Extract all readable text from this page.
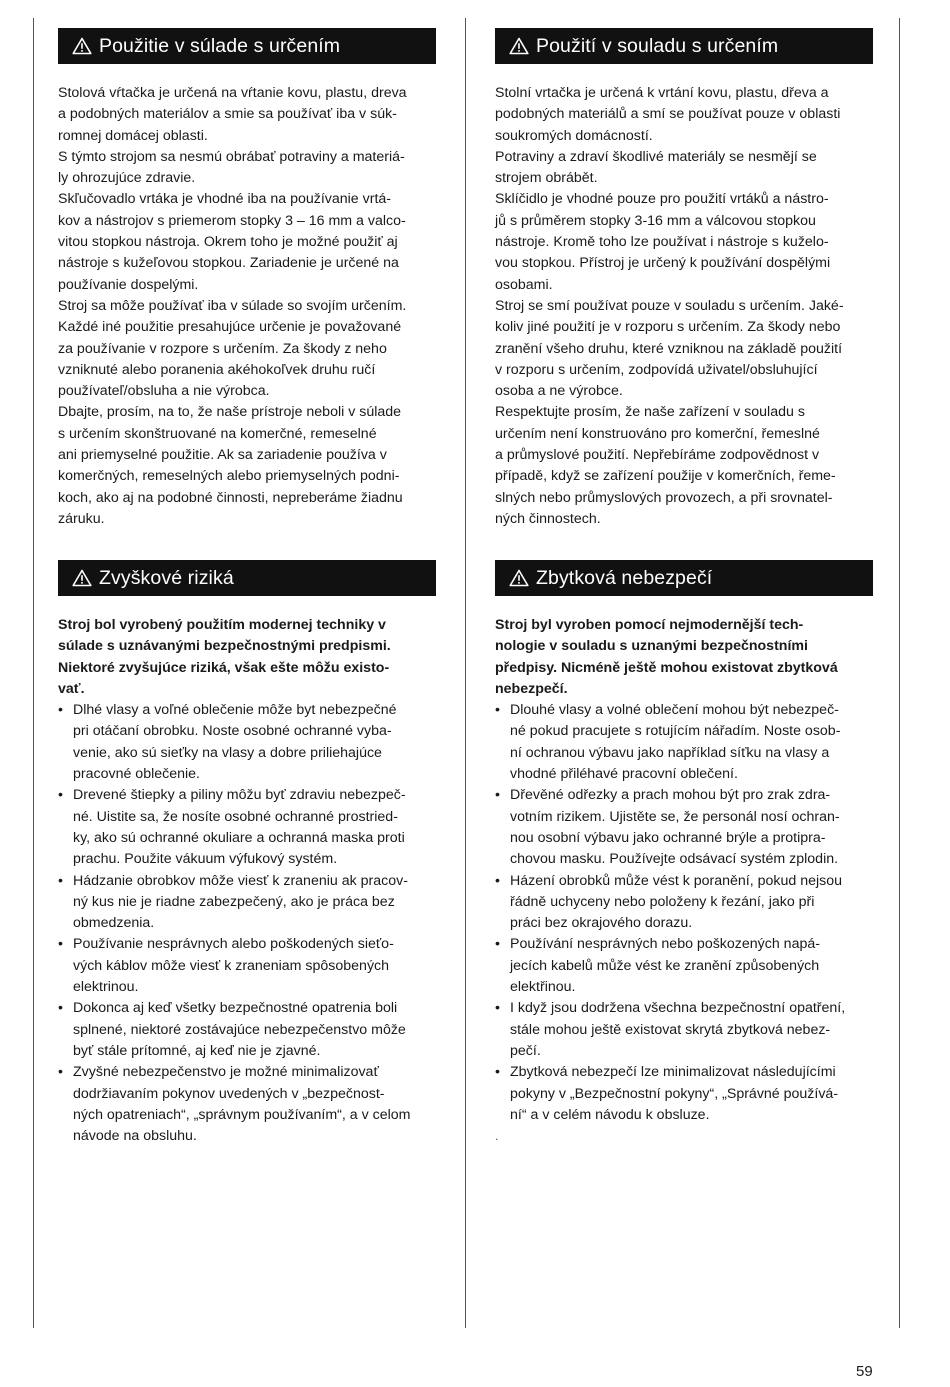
Použitie v súlade s určením

Stolová vŕtačka je určená na vŕtanie kovu, plastu, dreva
a podobných materiálov a smie sa používať iba v súk-
romnej domácej oblasti.

S týmto strojom sa nesmú obrábať potraviny a materiá-
ly ohrozujúce zdravie.

Skľučovadlo vrtáka je vhodné iba na používanie vrtá-
kov a nástrojov s priemerom stopky 3 – 16 mm a valco-
vitou stopkou nástroja. Okrem toho je možné použiť aj
nástroje s kužeľovou stopkou. Zariadenie je určené na
používanie dospelými.

Stroj sa môže používať iba v súlade so svojím určením.
Každé iné použitie presahujúce určenie je považované
za používanie v rozpore s určením. Za škody z neho
vzniknuté alebo poranenia akéhokoľvek druhu ručí
používateľ/obsluha a nie výrobca.

Dbajte, prosím, na to, že naše prístroje neboli v súlade
s určením skonštruované na komerčné, remeselné
ani priemyselné použitie. Ak sa zariadenie používa v
komerčných, remeselných alebo priemyselných podni-
koch, ako aj na podobné činnosti, nepreberáme žiadnu
záruku.

Zvyškové riziká

Stroj bol vyrobený použitím modernej techniky v
súlade s uznávanými bezpečnostnými predpismi.
Niektoré zvyšujúce riziká, však ešte môžu existo-
vať.

• Dlhé vlasy a voľné oblečenie môže byt nebezpečné
pri otáčaní obrobku. Noste osobné ochranné vyba-
venie, ako sú sieťky na vlasy a dobre priliehajúce
pracovné oblečenie.
• Drevené štiepky a piliny môžu byť zdraviu nebezpeč-
né. Uistite sa, že nosíte osobné ochranné prostried-
ky, ako sú ochranné okuliare a ochranná maska proti
prachu. Použite vákuum výfukový systém.
• Hádzanie obrobkov môže viesť k zraneniu ak pracov-
ný kus nie je riadne zabezpečený, ako je práca bez
obmedzenia.
• Používanie nesprávnych alebo poškodených sieťo-
vých káblov môže viesť k zraneniam spôsobených
elektrinou.
• Dokonca aj keď všetky bezpečnostné opatrenia boli
splnené, niektoré zostávajúce nebezpečenstvo môže
byť stále prítomné, aj keď nie je zjavné.
• Zvyšné nebezpečenstvo je možné minimalizovať
dodržiavaním pokynov uvedených v „bezpečnost-
ných opatreniach“, „správnym používaním“, a v celom
návode na obsluhu.
Použití v souladu s určením

Stolní vrtačka je určená k vrtání kovu, plastu, dřeva a
podobných materiálů a smí se používat pouze v oblasti
soukromých domácností.

Potraviny a zdraví škodlivé materiály se nesmějí se
strojem obrábět.

Sklíčidlo je vhodné pouze pro použití vrtáků a nástro-
jů s průměrem stopky 3-16 mm a válcovou stopkou
nástroje. Kromě toho lze používat i nástroje s kuželo-
vou stopkou. Přístroj je určený k používání dospělými
osobami.

Stroj se smí používat pouze v souladu s určením. Jaké-
koliv jiné použití je v rozporu s určením. Za škody nebo
zranění všeho druhu, které vzniknou na základě použití
v rozporu s určením, zodpovídá uživatel/obsluhující
osoba a ne výrobce.

Respektujte prosím, že naše zařízení v souladu s
určením není konstruováno pro komerční, řemeslné
a průmyslové použití. Nepřebíráme zodpovědnost v
případě, když se zařízení použije v komerčních, řeme-
slných nebo průmyslových provozech, a při srovnatel-
ných činnostech.

Zbytková nebezpečí

Stroj byl vyroben pomocí nejmodernější tech-
nologie v souladu s uznanými bezpečnostními
předpisy. Nicméně ještě mohou existovat zbytková
nebezpečí.

• Dlouhé vlasy a volné oblečení mohou být nebezpeč-
né pokud pracujete s rotujícím nářadím. Noste osob-
ní ochranou výbavu jako například síťku na vlasy a
vhodné přiléhavé pracovní oblečení.
• Dřevěné odřezky a prach mohou být pro zrak zdra-
votním rizikem. Ujistěte se, že personál nosí ochran-
nou osobní výbavu jako ochranné brýle a protipra-
chovou masku. Používejte odsávací systém zplodin.
• Házení obrobků může vést k poranění, pokud nejsou
řádně uchyceny nebo položeny k řezání, jako při
práci bez okrajového dorazu.
• Používání nesprávných nebo poškozených napá-
jecích kabelů může vést ke zranění způsobených
elektřinou.
• I když jsou dodržena všechna bezpečnostní opatření,
stále mohou ještě existovat skrytá zbytková nebez-
pečí.
• Zbytková nebezpečí lze minimalizovat následujícími
pokyny v „Bezpečnostní pokyny“, „Správné používá-
ní“ a v celém návodu k obsluze.

.

59
